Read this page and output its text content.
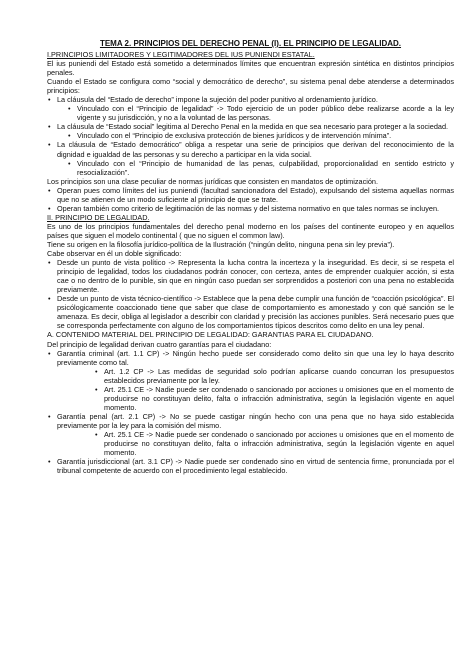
TEMA 2. PRINCIPIOS DEL DERECHO PENAL (I). EL PRINCIPIO DE LEGALIDAD.

I.PRINCIPIOS LIMITADORES Y LEGITIMADORES DEL IUS PUNIENDI ESTATAL.

El ius puniendi del Estado está sometido a determinados límites que encuentran expresión sintética en distintos principios penales.

Cuando el Estado se configura como “social y democrático de derecho”, su sistema penal debe atenderse a determinados principios:

• La cláusula del “Estado de derecho” impone la sujeción del poder punitivo al ordenamiento jurídico.
• Vinculado con el “Principio de legalidad” -> Todo ejercicio de un poder público debe realizarse acorde a la ley vigente y su jurisdicción, y no a la voluntad de las personas.
• La cláusula de “Estado social” legitima al Derecho Penal en la medida en que sea necesario para proteger a la sociedad.
• Vinculado con el “Principio de exclusiva protección de bienes jurídicos y de intervención mínima”.
• La cláusula de “Estado democrático” obliga a respetar una serie de principios que derivan del reconocimiento de la dignidad e igualdad de las personas y su derecho a participar en la vida social.
• Vinculado con el “Principio de humanidad de las penas, culpabilidad, proporcionalidad en sentido estricto y resocialización”.

Los principios son una clase peculiar de normas jurídicas que consisten en mandatos de optimización.

• Operan pues como límites del ius puniendi (facultad sancionadora del Estado), expulsando del sistema aquellas normas que no se atienen de un modo suficiente al principio de que se trate.
• Operan también como criterio de legitimación de las normas y del sistema normativo en que tales normas se incluyen.

II. PRINCIPIO DE LEGALIDAD.

Es uno de los principios fundamentales del derecho penal moderno en los países del continente europeo y en aquellos países que siguen el modelo continental ( que no siguen el common law).

Tiene su origen en la filosofía jurídico-política de la Ilustración (“ningún delito, ninguna pena sin ley previa”).

Cabe observar en él un doble significado:

• Desde un punto de vista político -> Representa la lucha contra la incerteza y la inseguridad. Es decir, si se respeta el principio de legalidad, todos los ciudadanos podrán conocer, con certeza, antes de emprender cualquier acción, si esta cae o no dentro de lo punible, sin que en ningún caso puedan ser sorprendidos a posteriori con una pena no establecida previamente.
• Desde un punto de vista técnico-científico -> Establece que la pena debe cumplir una función de “coacción psicológica”. El psicólogicamente coaccionado tiene que saber que clase de comportamiento es amonestado y con qué sanción se le amenaza. Es decir, obliga al legislador a describir con claridad y precisión las acciones punibles. Será necesario pues que se corresponda perfectamente con alguno de los comportamientos típicos descritos como delito en una ley penal.

A. CONTENIDO MATERIAL DEL PRINCIPIO DE LEGALIDAD: GARANTIAS PARA EL CIUDADANO.

Del principio de legalidad derivan cuatro garantías para el ciudadano:

• Garantía criminal (art. 1.1 CP) -> Ningún hecho puede ser considerado como delito sin que una ley lo haya descrito previamente como tal.
• Art. 1.2 CP -> Las medidas de seguridad solo podrían aplicarse cuando concurran los presupuestos establecidos previamente por la ley.
• Art. 25.1 CE -> Nadie puede ser condenado o sancionado por acciones u omisiones que en el momento de producirse no constituyan delito, falta o infracción administrativa, según la legislación vigente en aquel momento.
• Garantía penal (art. 2.1 CP) -> No se puede castigar ningún hecho con una pena que no haya sido establecida previamente por la ley para la comisión del mismo.
• Art. 25.1 CE -> Nadie puede ser condenado o sancionado por acciones u omisiones que en el momento de producirse no constituyan delito, falta o infracción administrativa, según la legislación vigente en aquel momento.
• Garantía jurisdiccional (art. 3.1 CP) -> Nadie puede ser condenado sino en virtud de sentencia firme, pronunciada por el tribunal competente de acuerdo con el procedimiento legal establecido.
